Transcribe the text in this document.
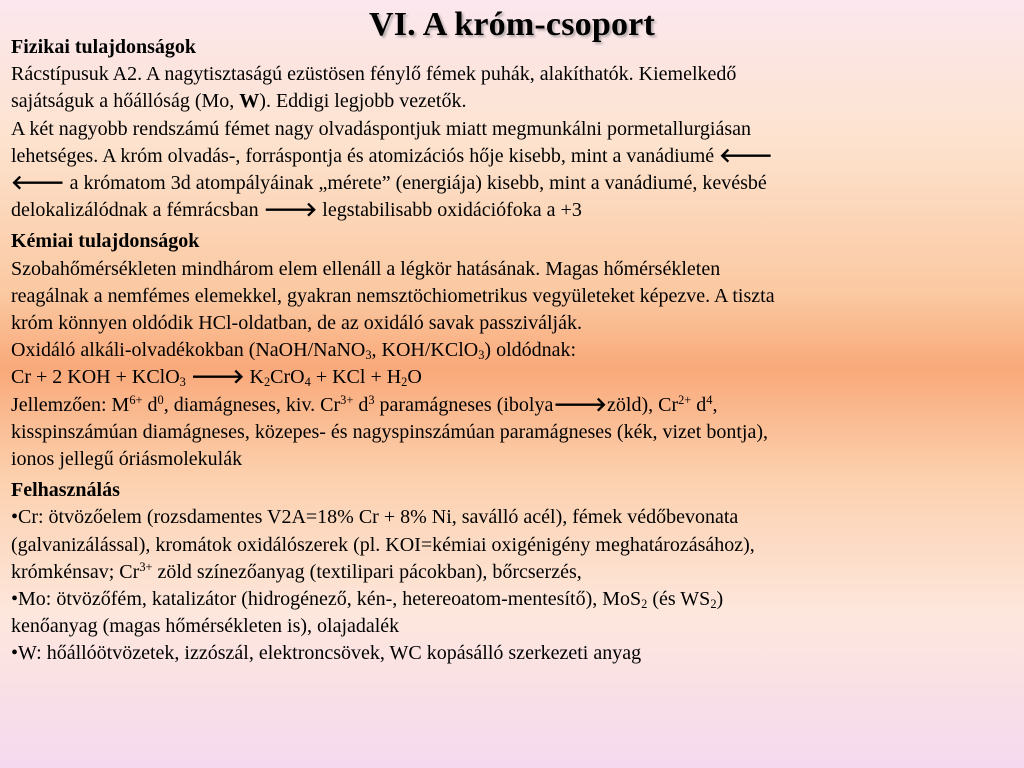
VI. A króm-csoport
Fizikai tulajdonságok
Rácstípusuk A2. A nagytisztaságú ezüstösen fénylő fémek puhák, alakíthatók. Kiemelkedő
sajátságuk a hőállóság (Mo, W). Eddigi legjobb vezetők.
A két nagyobb rendszámú fémet nagy olvadáspontjuk miatt megmunkálni pormetallurgiásan
lehetséges. A króm olvadás-, forráspontja és atomizációs hője kisebb, mint a vanádiumé 🡐
🡐 a krómatom 3d atompályáinak „mérete” (energiája) kisebb, mint a vanádiumé, kevésbé
delokalizálódnak a fémrácsban 🡒 legstabilisabb oxidációfoka a +3
Kémiai tulajdonságok
Szobahőmérsékleten mindhárom elem ellenáll a légkör hatásának. Magas hőmérsékleten
reagálnak a nemfémes elemekkel, gyakran nemsztöchiometrikus vegyületeket képezve. A tiszta
króm könnyen oldódik HCl-oldatban, de az oxidáló savak passziválják.
Oxidáló alkáli-olvadékokban (NaOH/NaNO$_3$, KOH/KClO$_3$) oldódnak:
Cr + 2 KOH + KClO$_3$ 🡒 $K_2CrO_4$ + KCl + $H_2O$
Jellemzően: $M^{6+}$ $d^0$, diamágneses, kiv. $Cr^{3+}$ $d^3$ paramágneses (ibolya🡒zöld), $Cr^{2+}$ $d^4$,
kisspinszámúan diamágneses, közepes- és nagyspinszámúan paramágneses (kék, vizet bontja),
ionos jellegű óriásmolekulák
Felhasználás
•Cr: ötvözőelem (rozsdamentes V2A=18% Cr + 8% Ni, saválló acél), fémek védőbevonata
(galvanizálással), kromátok oxidálószerek (pl. KOI=kémiai oxigénigény meghatározásához),
krómkénsav; $Cr^{3+}$ zöld színezőanyag (textilipari pácokban), bőrcserzés,
•Mo: ötvözőfém, katalizátor (hidrogénező, kén-, hetereoatom-mentesítő), MoS$_2$ (és $WS_2$)
kenőanyag (magas hőmérsékleten is), olajadalék
•W: hőállóötvözetek, izzószál, elektroncsövek, WC kopásálló szerkezeti anyag
